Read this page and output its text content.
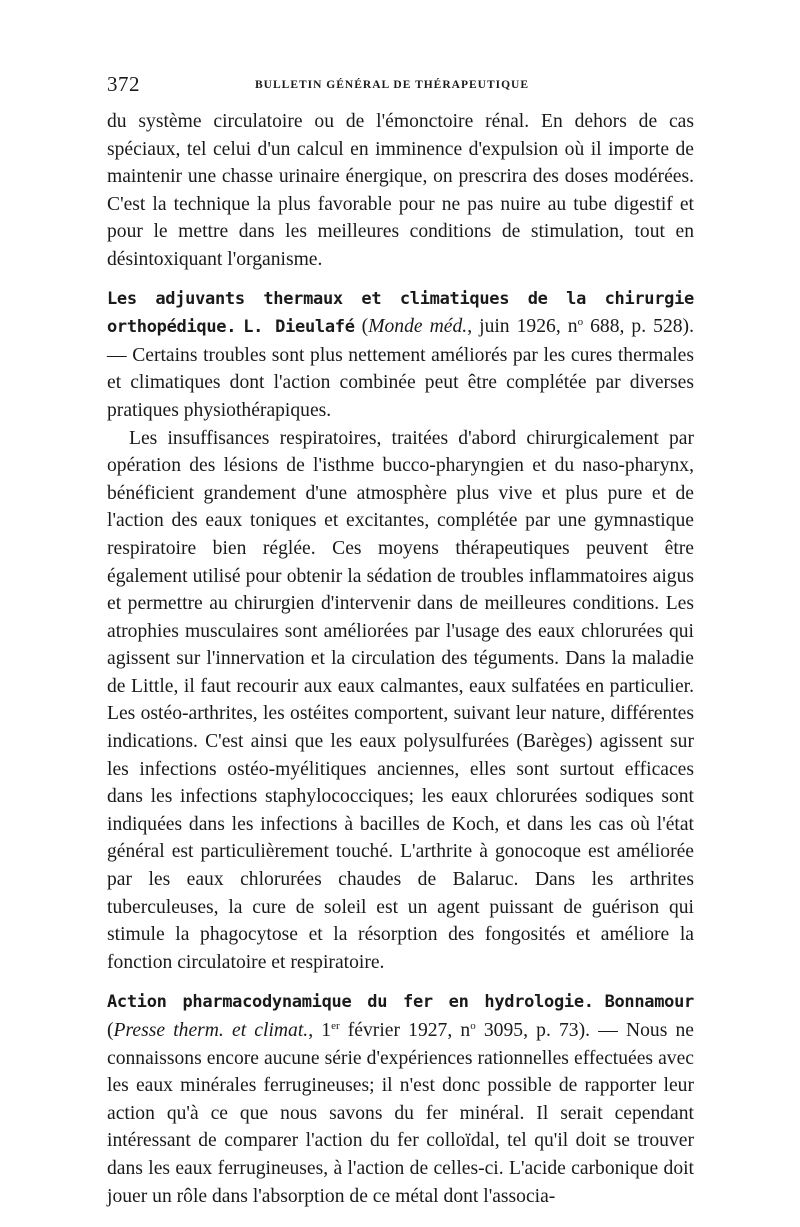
372	BULLETIN GÉNÉRAL DE THÉRAPEUTIQUE

du système circulatoire ou de l'émonctoire rénal. En dehors de cas spéciaux, tel celui d'un calcul en imminence d'expulsion où il importe de maintenir une chasse urinaire énergique, on prescrira des doses modérées. C'est la technique la plus favorable pour ne pas nuire au tube digestif et pour le mettre dans les meilleures conditions de stimulation, tout en désintoxiquant l'organisme.

Les adjuvants thermaux et climatiques de la chirurgie orthopédique. L. Dieulafé (Monde méd., juin 1926, $n^o$ 688, p. 528). — Certains troubles sont plus nettement améliorés par les cures thermales et climatiques dont l'action combinée peut être complétée par diverses pratiques physiothérapiques.

Les insuffisances respiratoires, traitées d'abord chirurgicalement par opération des lésions de l'isthme bucco-pharyngien et du naso-pharynx, bénéficient grandement d'une atmosphère plus vive et plus pure et de l'action des eaux toniques et excitantes, complétée par une gymnastique respiratoire bien réglée. Ces moyens thérapeutiques peuvent être également utilisé pour obtenir la sédation de troubles inflammatoires aigus et permettre au chirurgien d'intervenir dans de meilleures conditions. Les atrophies musculaires sont améliorées par l'usage des eaux chlorurées qui agissent sur l'innervation et la circulation des téguments. Dans la maladie de Little, il faut recourir aux eaux calmantes, eaux sulfatées en particulier. Les ostéo-arthrites, les ostéites comportent, suivant leur nature, différentes indications. C'est ainsi que les eaux polysulfurées (Barèges) agissent sur les infections ostéo-myélitiques anciennes, elles sont surtout efficaces dans les infections staphylococciques; les eaux chlorurées sodiques sont indiquées dans les infections à bacilles de Koch, et dans les cas où l'état général est particulièrement touché. L'arthrite à gonocoque est améliorée par les eaux chlorurées chaudes de Balaruc. Dans les arthrites tuberculeuses, la cure de soleil est un agent puissant de guérison qui stimule la phagocytose et la résorption des fongosités et améliore la fonction circulatoire et respiratoire.

Action pharmacodynamique du fer en hydrologie. Bonnamour (Presse therm. et climat., 1er février 1927, $n^o$ 3095, p. 73). — Nous ne connaissons encore aucune série d'expériences rationnelles effectuées avec les eaux minérales ferrugineuses; il n'est donc possible de rapporter leur action qu'à ce que nous savons du fer minéral. Il serait cependant intéressant de comparer l'action du fer colloïdal, tel qu'il doit se trouver dans les eaux ferrugineuses, à l'action de celles-ci. L'acide carbonique doit jouer un rôle dans l'absorption de ce métal dont l'associa-
